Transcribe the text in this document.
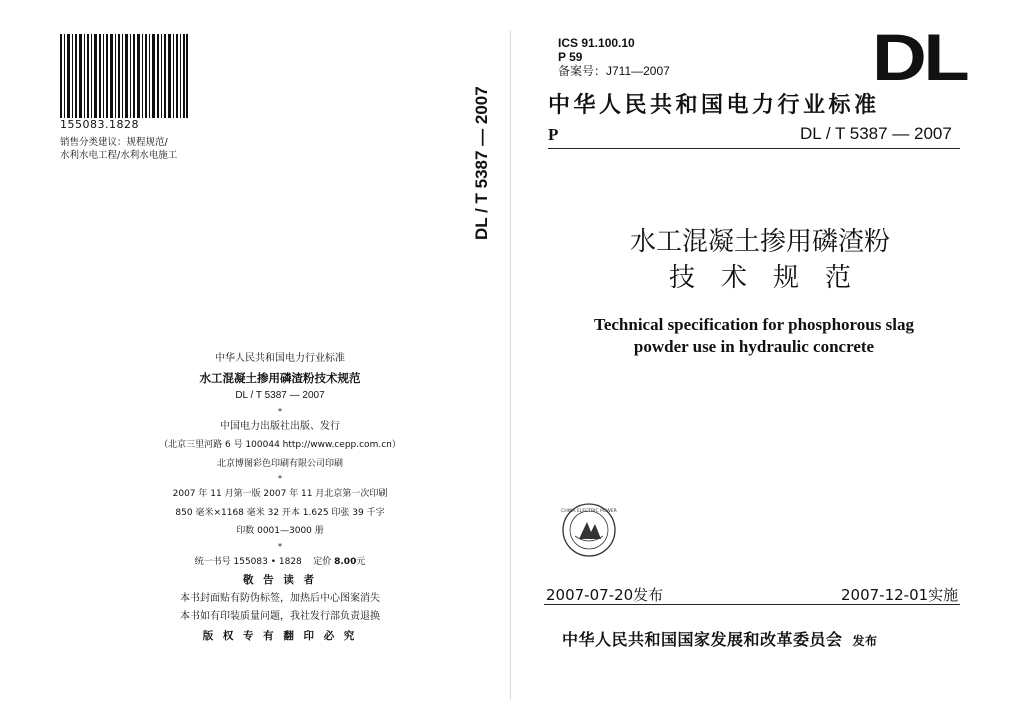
155083.1828
销售分类建议：规程规范/
水利水电工程/水利水电施工
中华人民共和国电力行业标准
水工混凝土掺用磷渣粉技术规范
DL / T 5387 — 2007
*
中国电力出版社出版、发行
（北京三里河路 6 号 100044 http://www.cepp.com.cn）
北京博图彩色印刷有限公司印刷
*
2007 年 11 月第一版 2007 年 11 月北京第一次印刷
850 毫米×1168 毫米 32 开本 1.625 印张 39 千字
印数 0001—3000 册
*
统一书号 155083 • 1828 定价 8.00元
敬 告 读 者
本书封面贴有防伪标签，加热后中心图案消失
本书如有印装质量问题，我社发行部负责退换
版 权 专 有 翻 印 必 究
DL / T 5387 — 2007
ICS 91.100.10
P 59
备案号：J711—2007	DL
中华人民共和国电力行业标准
P	DL / T 5387 — 2007
水工混凝土掺用磷渣粉
技术规范
Technical specification for phosphorous slag
powder use in hydraulic concrete
CHINA ELECTRIC POWER
2007-07-20发布	2007-12-01实施
中华人民共和国国家发展和改革委员会 发布
